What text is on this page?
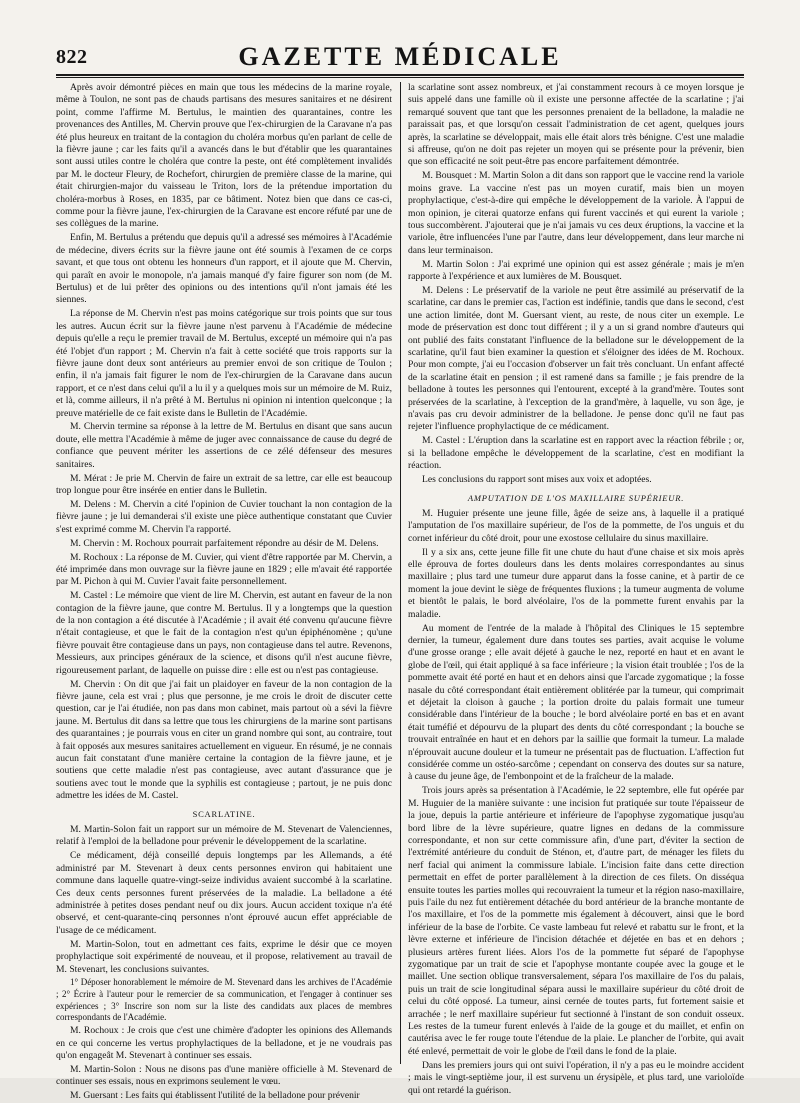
822	GAZETTE MÉDICALE

Après avoir démontré pièces en main que tous les médecins de la marine royale, même à Toulon, ne sont pas de chauds partisans des mesures sanitaires et ne désirent point, comme l'affirme M. Bertulus, le maintien des quarantaines, contre les provenances des Antilles, M. Chervin prouve que l'ex-chirurgien de la Caravane n'a pas été plus heureux en traitant de la contagion du choléra morbus qu'en parlant de celle de la fièvre jaune ; car les faits qu'il a avancés dans le but d'établir que les quarantaines sont aussi utiles contre le choléra que contre la peste, ont été complètement invalidés par M. le docteur Fleury, de Rochefort, chirurgien de première classe de la marine, qui était chirurgien-major du vaisseau le Triton, lors de la prétendue importation du choléra-morbus à Roses, en 1835, par ce bâtiment. Notez bien que dans ce cas-ci, comme pour la fièvre jaune, l'ex-chirurgien de la Caravane est encore réfuté par une de ses collègues de la marine.

Enfin, M. Bertulus a prétendu que depuis qu'il a adressé ses mémoires à l'Académie de médecine, divers écrits sur la fièvre jaune ont été soumis à l'examen de ce corps savant, et que tous ont obtenu les honneurs d'un rapport, et il ajoute que M. Chervin, qui paraît en avoir le monopole, n'a jamais manqué d'y faire figurer son nom (de M. Bertulus) et de lui prêter des opinions ou des intentions qu'il n'ont jamais été les siennes.

La réponse de M. Chervin n'est pas moins catégorique sur trois points que sur tous les autres. Aucun écrit sur la fièvre jaune n'est parvenu à l'Académie de médecine depuis qu'elle a reçu le premier travail de M. Bertulus, excepté un mémoire qui n'a pas été l'objet d'un rapport ; M. Chervin n'a fait à cette société que trois rapports sur la fièvre jaune dont deux sont antérieurs au premier envoi de son critique de Toulon ; enfin, il n'a jamais fait figurer le nom de l'ex-chirurgien de la Caravane dans aucun rapport, et ce n'est dans celui qu'il a lu il y a quelques mois sur un mémoire de M. Ruiz, et là, comme ailleurs, il n'a prêté à M. Bertulus ni opinion ni intention quelconque ; la preuve matérielle de ce fait existe dans le Bulletin de l'Académie.

M. Chervin termine sa réponse à la lettre de M. Bertulus en disant que sans aucun doute, elle mettra l'Académie à même de juger avec connaissance de cause du degré de confiance que peuvent mériter les assertions de ce zélé défenseur des mesures sanitaires.

M. Mérat : Je prie M. Chervin de faire un extrait de sa lettre, car elle est beaucoup trop longue pour être insérée en entier dans le Bulletin.

M. Delens : M. Chervin a cité l'opinion de Cuvier touchant la non contagion de la fièvre jaune ; je lui demanderai s'il existe une pièce authentique constatant que Cuvier s'est exprimé comme M. Chervin l'a rapporté.

M. Chervin : M. Rochoux pourrait parfaitement répondre au désir de M. Delens.

M. Rochoux : La réponse de M. Cuvier, qui vient d'être rapportée par M. Chervin, a été imprimée dans mon ouvrage sur la fièvre jaune en 1829 ; elle m'avait été rapportée par M. Pichon à qui M. Cuvier l'avait faite personnellement.

M. Castel : Le mémoire que vient de lire M. Chervin, est autant en faveur de la non contagion de la fièvre jaune, que contre M. Bertulus. Il y a longtemps que la question de la non contagion a été discutée à l'Académie ; il avait été convenu qu'aucune fièvre n'était contagieuse, et que le fait de la contagion n'est qu'un épiphénomène ; qu'une fièvre pouvait être contagieuse dans un pays, non contagieuse dans tel autre. Revenons, Messieurs, aux principes généraux de la science, et disons qu'il n'est aucune fièvre, rigoureusement parlant, de laquelle on puisse dire : elle est ou n'est pas contagieuse.

M. Chervin : On dit que j'ai fait un plaidoyer en faveur de la non contagion de la fièvre jaune, cela est vrai ; plus que personne, je me crois le droit de discuter cette question, car je l'ai étudiée, non pas dans mon cabinet, mais partout où a sévi la fièvre jaune. M. Bertulus dit dans sa lettre que tous les chirurgiens de la marine sont partisans des quarantaines ; je pourrais vous en citer un grand nombre qui sont, au contraire, tout à fait opposés aux mesures sanitaires actuellement en vigueur. En résumé, je ne connais aucun fait constatant d'une manière certaine la contagion de la fièvre jaune, et je soutiens que cette maladie n'est pas contagieuse, avec autant d'assurance que je soutiens avec tout le monde que la syphilis est contagieuse ; partout, je ne puis donc admettre les idées de M. Castel.

SCARLATINE.

M. Martin-Solon fait un rapport sur un mémoire de M. Stevenart de Valenciennes, relatif à l'emploi de la belladone pour prévenir le développement de la scarlatine.

Ce médicament, déjà conseillé depuis longtemps par les Allemands, a été administré par M. Stevenart à deux cents personnes environ qui habitaient une commune dans laquelle quatre-vingt-seize individus avaient succombé à la scarlatine. Ces deux cents personnes furent préservées de la maladie. La belladone a été administrée à petites doses pendant neuf ou dix jours. Aucun accident toxique n'a été observé, et cent-quarante-cinq personnes n'ont éprouvé aucun effet appréciable de l'usage de ce médicament.

M. Martin-Solon, tout en admettant ces faits, exprime le désir que ce moyen prophylactique soit expérimenté de nouveau, et il propose, relativement au travail de M. Stevenart, les conclusions suivantes.

1° Déposer honorablement le mémoire de M. Stevenard dans les archives de l'Académie ; 2° Écrire à l'auteur pour le remercier de sa communication, et l'engager à continuer ses expériences ; 3° Inscrire son nom sur la liste des candidats aux places de membres correspondants de l'Académie.

M. Rochoux : Je crois que c'est une chimère d'adopter les opinions des Allemands en ce qui concerne les vertus prophylactiques de la belladone, et je ne voudrais pas qu'on engageât M. Stevenart à continuer ses essais.

M. Martin-Solon : Nous ne disons pas d'une manière officielle à M. Stevenard de continuer ses essais, nous en exprimons seulement le vœu.

M. Guersant : Les faits qui établissent l'utilité de la belladone pour prévenir

la scarlatine sont assez nombreux, et j'ai constamment recours à ce moyen lorsque je suis appelé dans une famille où il existe une personne affectée de la scarlatine ; j'ai remarqué souvent que tant que les personnes prenaient de la belladone, la maladie ne paraissait pas, et que lorsqu'on cessait l'administration de cet agent, quelques jours après, la scarlatine se développait, mais elle était alors très bénigne. C'est une maladie si affreuse, qu'on ne doit pas rejeter un moyen qui se présente pour la prévenir, bien que son efficacité ne soit peut-être pas encore parfaitement démontrée.

M. Bousquet : M. Martin Solon a dit dans son rapport que le vaccine rend la variole moins grave. La vaccine n'est pas un moyen curatif, mais bien un moyen prophylactique, c'est-à-dire qui empêche le développement de la variole. À l'appui de mon opinion, je citerai quatorze enfans qui furent vaccinés et qui eurent la variole ; tous succombèrent. J'ajouterai que je n'ai jamais vu ces deux éruptions, la vaccine et la variole, être influencées l'une par l'autre, dans leur développement, dans leur marche ni dans leur terminaison.

M. Martin Solon : J'ai exprimé une opinion qui est assez générale ; mais je m'en rapporte à l'expérience et aux lumières de M. Bousquet.

M. Delens : Le préservatif de la variole ne peut être assimilé au préservatif de la scarlatine, car dans le premier cas, l'action est indéfinie, tandis que dans le second, c'est une action limitée, dont M. Guersant vient, au reste, de nous citer un exemple. Le mode de préservation est donc tout différent ; il y a un si grand nombre d'auteurs qui ont publié des faits constatant l'influence de la belladone sur le développement de la scarlatine, qu'il faut bien examiner la question et s'éloigner des idées de M. Rochoux. Pour mon compte, j'ai eu l'occasion d'observer un fait très concluant. Un enfant affecté de la scarlatine était en pension ; il est ramené dans sa famille ; je fais prendre de la belladone à toutes les personnes qui l'entourent, excepté à la grand'mère. Toutes sont préservées de la scarlatine, à l'exception de la grand'mère, à laquelle, vu son âge, je n'avais pas cru devoir administrer de la belladone. Je pense donc qu'il ne faut pas rejeter l'influence prophylactique de ce médicament.

M. Castel : L'éruption dans la scarlatine est en rapport avec la réaction fébrile ; or, si la belladone empêche le développement de la scarlatine, c'est en modifiant la réaction.

Les conclusions du rapport sont mises aux voix et adoptées.

AMPUTATION DE L'OS MAXILLAIRE SUPÉRIEUR.

M. Huguier présente une jeune fille, âgée de seize ans, à laquelle il a pratiqué l'amputation de l'os maxillaire supérieur, de l'os de la pommette, de l'os unguis et du cornet inférieur du côté droit, pour une exostose cellulaire du sinus maxillaire.

Il y a six ans, cette jeune fille fit une chute du haut d'une chaise et six mois après elle éprouva de fortes douleurs dans les dents molaires correspondantes au sinus maxillaire ; plus tard une tumeur dure apparut dans la fosse canine, et à partir de ce moment la joue devint le siège de fréquentes fluxions ; la tumeur augmenta de volume et bientôt le palais, le bord alvéolaire, l'os de la pommette furent envahis par la maladie.

Au moment de l'entrée de la malade à l'hôpital des Cliniques le 15 septembre dernier, la tumeur, également dure dans toutes ses parties, avait acquise le volume d'une grosse orange ; elle avait déjeté à gauche le nez, reporté en haut et en avant le globe de l'œil, qui était appliqué à sa face inférieure ; la vision était troublée ; l'os de la pommette avait été porté en haut et en dehors ainsi que l'arcade zygomatique ; la fosse nasale du côté correspondant était entièrement oblitérée par la tumeur, qui comprimait et déjetait la cloison à gauche ; la portion droite du palais formait une tumeur considérable dans l'intérieur de la bouche ; le bord alvéolaire porté en bas et en avant était tuméfié et dépourvu de la plupart des dents du côté correspondant ; la bouche se trouvait entraînée en haut et en dehors par la saillie que formait la tumeur. La malade n'éprouvait aucune douleur et la tumeur ne présentait pas de fluctuation. L'affection fut considérée comme un ostéo-sarcôme ; cependant on conserva des doutes sur sa nature, à cause du jeune âge, de l'embonpoint et de la fraîcheur de la malade.

Trois jours après sa présentation à l'Académie, le 22 septembre, elle fut opérée par M. Huguier de la manière suivante : une incision fut pratiquée sur toute l'épaisseur de la joue, depuis la partie antérieure et inférieure de l'apophyse zygomatique jusqu'au bord libre de la lèvre supérieure, quatre lignes en dedans de la commissure correspondante, et non sur cette commissure afin, d'une part, d'éviter la section de l'extrémité antérieure du conduit de Sténon, et, d'autre part, de ménager les filets du nerf facial qui animent la commissure labiale. L'incision faite dans cette direction permettait en effet de porter parallèlement à la direction de ces filets. On disséqua ensuite toutes les parties molles qui recouvraient la tumeur et la région naso-maxillaire, puis l'aile du nez fut entièrement détachée du bord antérieur de la branche montante de l'os maxillaire, et l'os de la pommette mis également à découvert, ainsi que le bord inférieur de la base de l'orbite. Ce vaste lambeau fut relevé et rabattu sur le front, et la lèvre externe et inférieure de l'incision détachée et déjetée en bas et en dehors ; plusieurs artères furent liées. Alors l'os de la pommette fut séparé de l'apophyse zygomatique par un trait de scie et l'apophyse montante coupée avec la gouge et le maillet. Une section oblique transversalement, sépara l'os maxillaire de l'os du palais, puis un trait de scie longitudinal sépara aussi le maxillaire supérieur du côté droit de celui du côté opposé. La tumeur, ainsi cernée de toutes parts, fut fortement saisie et arrachée ; le nerf maxillaire supérieur fut sectionné à l'instant de son conduit osseux. Les restes de la tumeur furent enlevés à l'aide de la gouge et du maillet, et enfin on cautérisa avec le fer rouge toute l'étendue de la plaie. Le plancher de l'orbite, qui avait été enlevé, permettait de voir le globe de l'œil dans le fond de la plaie.

Dans les premiers jours qui ont suivi l'opération, il n'y a pas eu le moindre accident ; mais le vingt-septième jour, il est survenu un érysipèle, et plus tard, une varioloïde qui ont retardé la guérison.
